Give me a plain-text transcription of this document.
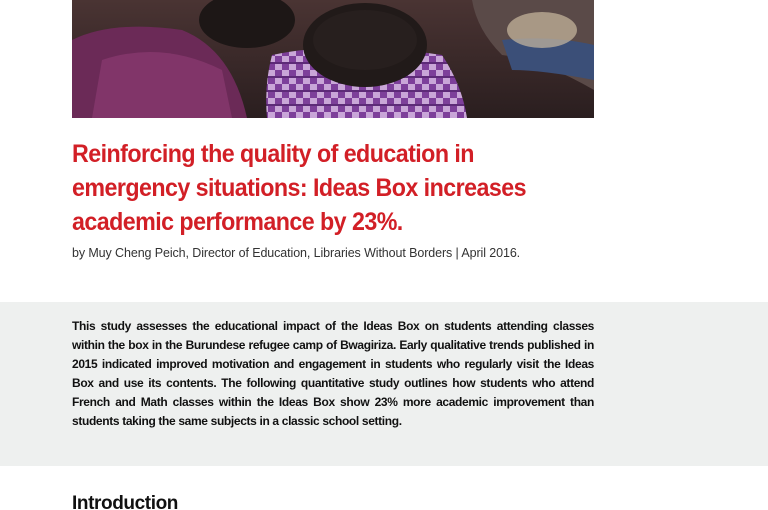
Reinforcing the quality of education in emergency situations: Ideas Box increases academic performance by 23%.

by Muy Cheng Peich, Director of Education, Libraries Without Borders | April 2016.

This study assesses the educational impact of the Ideas Box on students attending classes within the box in the Burundese refugee camp of Bwagiriza. Early qualitative trends published in 2015 indicated improved motivation and engagement in students who regularly visit the Ideas Box and use its contents. The following quantitative study outlines how students who attend French and Math classes within the Ideas Box show 23% more academic improvement than students taking the same subjects in a classic school setting.

Introduction
